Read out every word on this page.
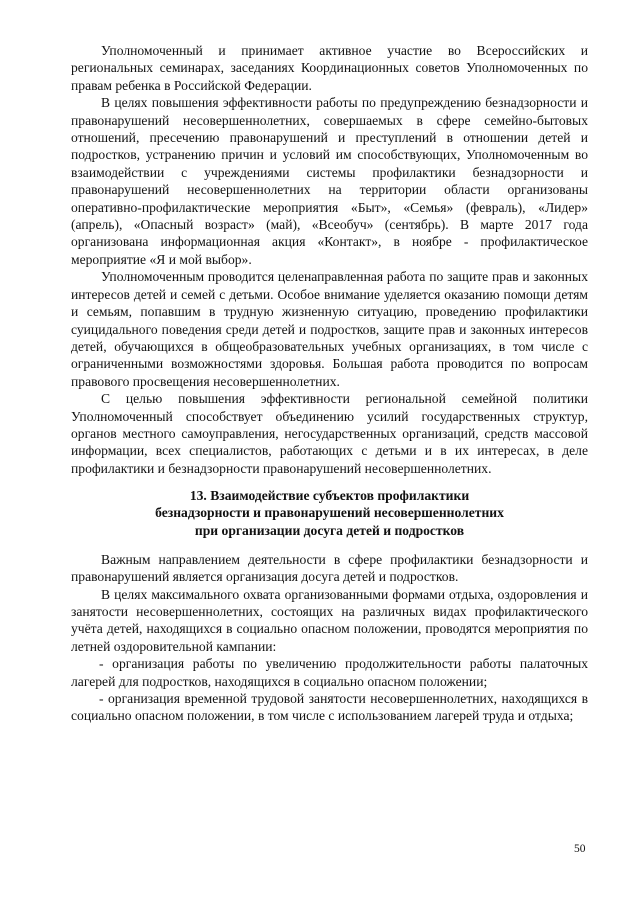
Уполномоченный и принимает активное участие во Всероссийских и региональных семинарах, заседаниях Координационных советов Уполномоченных по правам ребенка в Российской Федерации.

В целях повышения эффективности работы по предупреждению безнадзорности и правонарушений несовершеннолетних, совершаемых в сфере семейно-бытовых отношений, пресечению правонарушений и преступлений в отношении детей и подростков, устранению причин и условий им способствующих, Уполномоченным во взаимодействии с учреждениями системы профилактики безнадзорности и правонарушений несовершеннолетних на территории области организованы оперативно-профилактические мероприятия «Быт», «Семья» (февраль), «Лидер» (апрель), «Опасный возраст» (май), «Всеобуч» (сентябрь). В марте 2017 года организована информационная акция «Контакт», в ноябре - профилактическое мероприятие «Я и мой выбор».

Уполномоченным проводится целенаправленная работа по защите прав и законных интересов детей и семей с детьми. Особое внимание уделяется оказанию помощи детям и семьям, попавшим в трудную жизненную ситуацию, проведению профилактики суицидального поведения среди детей и подростков, защите прав и законных интересов детей, обучающихся в общеобразовательных учебных организациях, в том числе с ограниченными возможностями здоровья. Большая работа проводится по вопросам правового просвещения несовершеннолетних.

С целью повышения эффективности региональной семейной политики Уполномоченный способствует объединению усилий государственных структур, органов местного самоуправления, негосударственных организаций, средств массовой информации, всех специалистов, работающих с детьми и в их интересах, в деле профилактики и безнадзорности правонарушений несовершеннолетних.

13. Взаимодействие субъектов профилактики
безнадзорности и правонарушений несовершеннолетних
при организации досуга детей и подростков

Важным направлением деятельности в сфере профилактики безнадзорности и правонарушений является организация досуга детей и подростков.

В целях максимального охвата организованными формами отдыха, оздоровления и занятости несовершеннолетних, состоящих на различных видах профилактического учёта детей, находящихся в социально опасном положении, проводятся мероприятия по летней оздоровительной кампании:

- организация работы по увеличению продолжительности работы палаточных лагерей для подростков, находящихся в социально опасном положении;

- организация временной трудовой занятости несовершеннолетних, находящихся в социально опасном положении, в том числе с использованием лагерей труда и отдыха;

50
